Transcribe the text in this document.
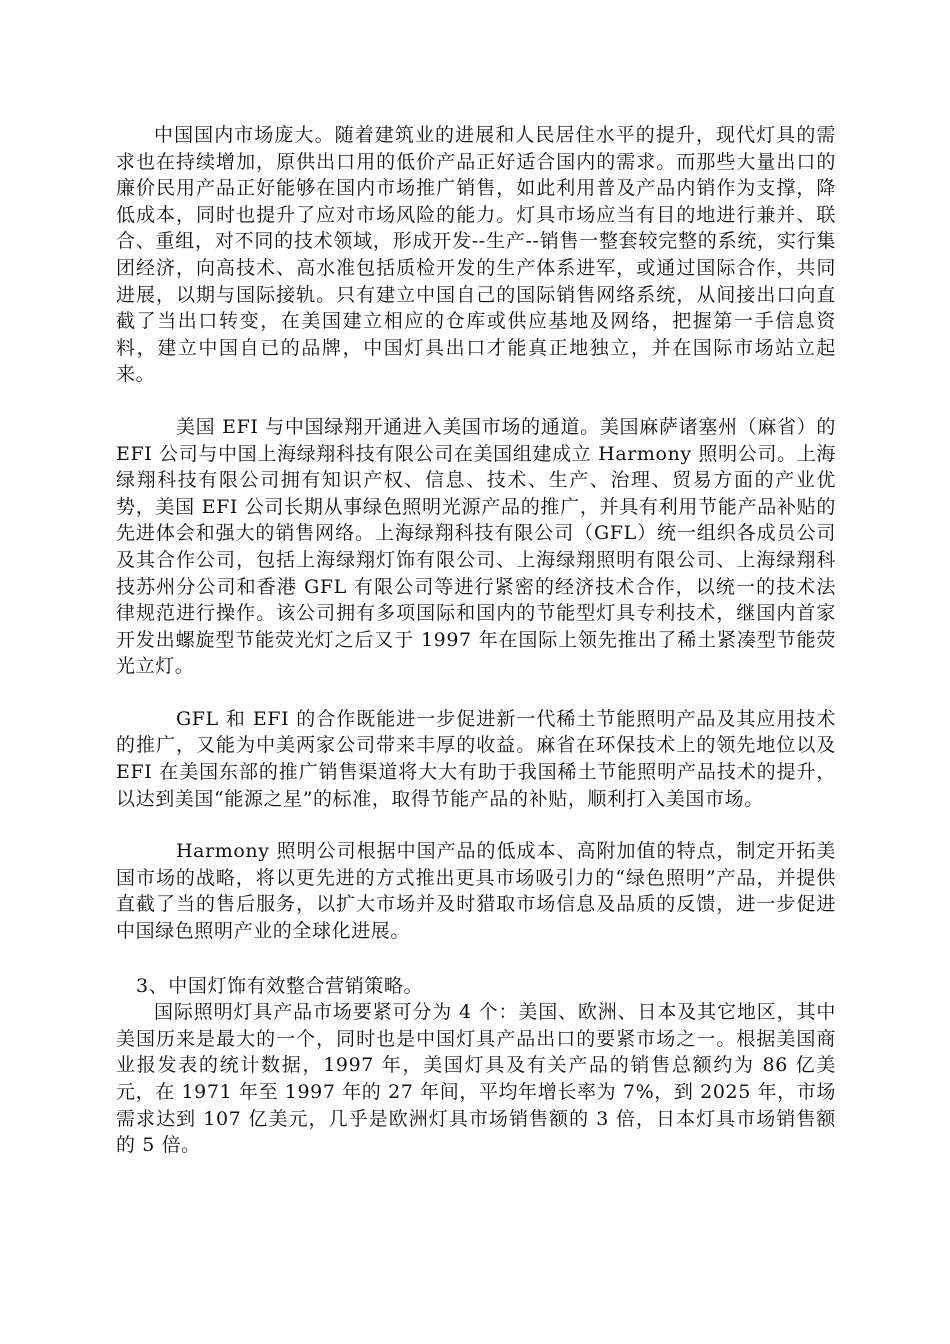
中国国内市场庞大。随着建筑业的进展和人民居住水平的提升，现代灯具的需求也在持续增加，原供出口用的低价产品正好适合国内的需求。而那些大量出口的廉价民用产品正好能够在国内市场推广销售，如此利用普及产品内销作为支撑，降低成本，同时也提升了应对市场风险的能力。灯具市场应当有目的地进行兼并、联合、重组，对不同的技术领域，形成开发--生产--销售一整套较完整的系统，实行集团经济，向高技术、高水准包括质检开发的生产体系进军，或通过国际合作，共同进展，以期与国际接轨。只有建立中国自己的国际销售网络系统，从间接出口向直截了当出口转变，在美国建立相应的仓库或供应基地及网络，把握第一手信息资料，建立中国自已的品牌，中国灯具出口才能真正地独立，并在国际市场站立起来。

美国 EFI 与中国绿翔开通进入美国市场的通道。美国麻萨诸塞州（麻省）的 EFI 公司与中国上海绿翔科技有限公司在美国组建成立 Harmony 照明公司。上海绿翔科技有限公司拥有知识产权、信息、技术、生产、治理、贸易方面的产业优势，美国 EFI 公司长期从事绿色照明光源产品的推广，并具有利用节能产品补贴的先进体会和强大的销售网络。上海绿翔科技有限公司（GFL）统一组织各成员公司及其合作公司，包括上海绿翔灯饰有限公司、上海绿翔照明有限公司、上海绿翔科技苏州分公司和香港 GFL 有限公司等进行紧密的经济技术合作，以统一的技术法律规范进行操作。该公司拥有多项国际和国内的节能型灯具专利技术，继国内首家开发出螺旋型节能荧光灯之后又于 1997 年在国际上领先推出了稀土紧凑型节能荧光立灯。

GFL 和 EFI 的合作既能进一步促进新一代稀土节能照明产品及其应用技术的推广，又能为中美两家公司带来丰厚的收益。麻省在环保技术上的领先地位以及 EFI 在美国东部的推广销售渠道将大大有助于我国稀土节能照明产品技术的提升，以达到美国“能源之星”的标准，取得节能产品的补贴，顺利打入美国市场。

Harmony 照明公司根据中国产品的低成本、高附加值的特点，制定开拓美国市场的战略，将以更先进的方式推出更具市场吸引力的“绿色照明”产品，并提供直截了当的售后服务，以扩大市场并及时猎取市场信息及品质的反馈，进一步促进中国绿色照明产业的全球化进展。

3、中国灯饰有效整合营销策略。

国际照明灯具产品市场要紧可分为 4 个：美国、欧洲、日本及其它地区，其中美国历来是最大的一个，同时也是中国灯具产品出口的要紧市场之一。根据美国商业报发表的统计数据，1997 年，美国灯具及有关产品的销售总额约为 86 亿美元，在 1971 年至 1997 年的 27 年间，平均年增长率为 7%，到 2025 年，市场需求达到 107 亿美元，几乎是欧洲灯具市场销售额的 3 倍，日本灯具市场销售额的 5 倍。
